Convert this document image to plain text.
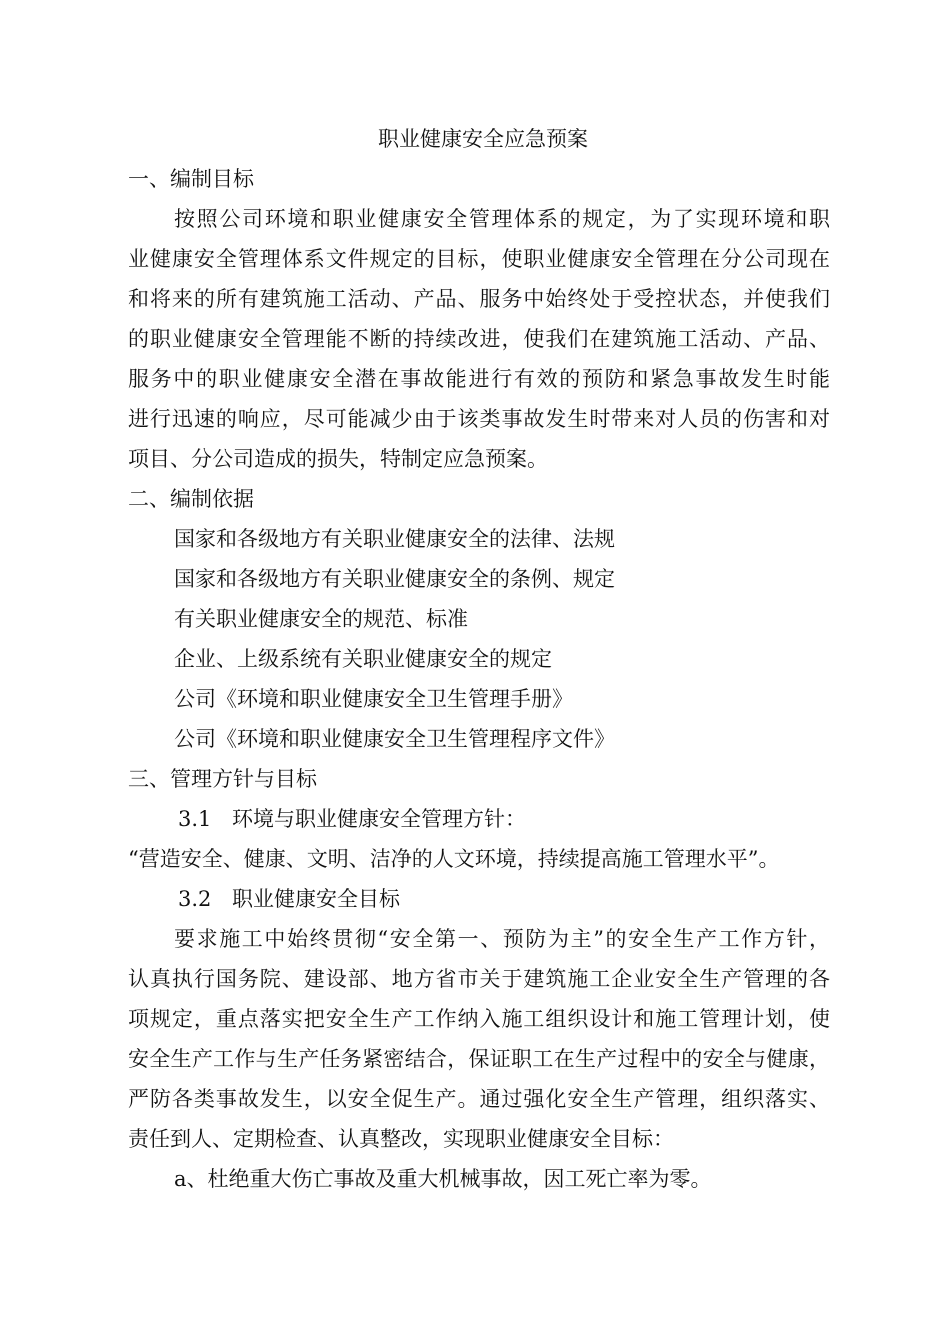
职业健康安全应急预案
一、编制目标
按照公司环境和职业健康安全管理体系的规定，为了实现环境和职
业健康安全管理体系文件规定的目标，使职业健康安全管理在分公司现在
和将来的所有建筑施工活动、产品、服务中始终处于受控状态，并使我们
的职业健康安全管理能不断的持续改进，使我们在建筑施工活动、产品、
服务中的职业健康安全潜在事故能进行有效的预防和紧急事故发生时能
进行迅速的响应，尽可能减少由于该类事故发生时带来对人员的伤害和对
项目、分公司造成的损失，特制定应急预案。
二、编制依据
国家和各级地方有关职业健康安全的法律、法规
国家和各级地方有关职业健康安全的条例、规定
有关职业健康安全的规范、标准
企业、上级系统有关职业健康安全的规定
公司《环境和职业健康安全卫生管理手册》
公司《环境和职业健康安全卫生管理程序文件》
三、管理方针与目标
3.1 环境与职业健康安全管理方针：
“营造安全、健康、文明、洁净的人文环境，持续提高施工管理水平”。
3.2 职业健康安全目标
要求施工中始终贯彻“安全第一、预防为主”的安全生产工作方针，
认真执行国务院、建设部、地方省市关于建筑施工企业安全生产管理的各
项规定，重点落实把安全生产工作纳入施工组织设计和施工管理计划，使
安全生产工作与生产任务紧密结合，保证职工在生产过程中的安全与健康，
严防各类事故发生，以安全促生产。通过强化安全生产管理，组织落实、
责任到人、定期检查、认真整改，实现职业健康安全目标：
a、杜绝重大伤亡事故及重大机械事故，因工死亡率为零。
